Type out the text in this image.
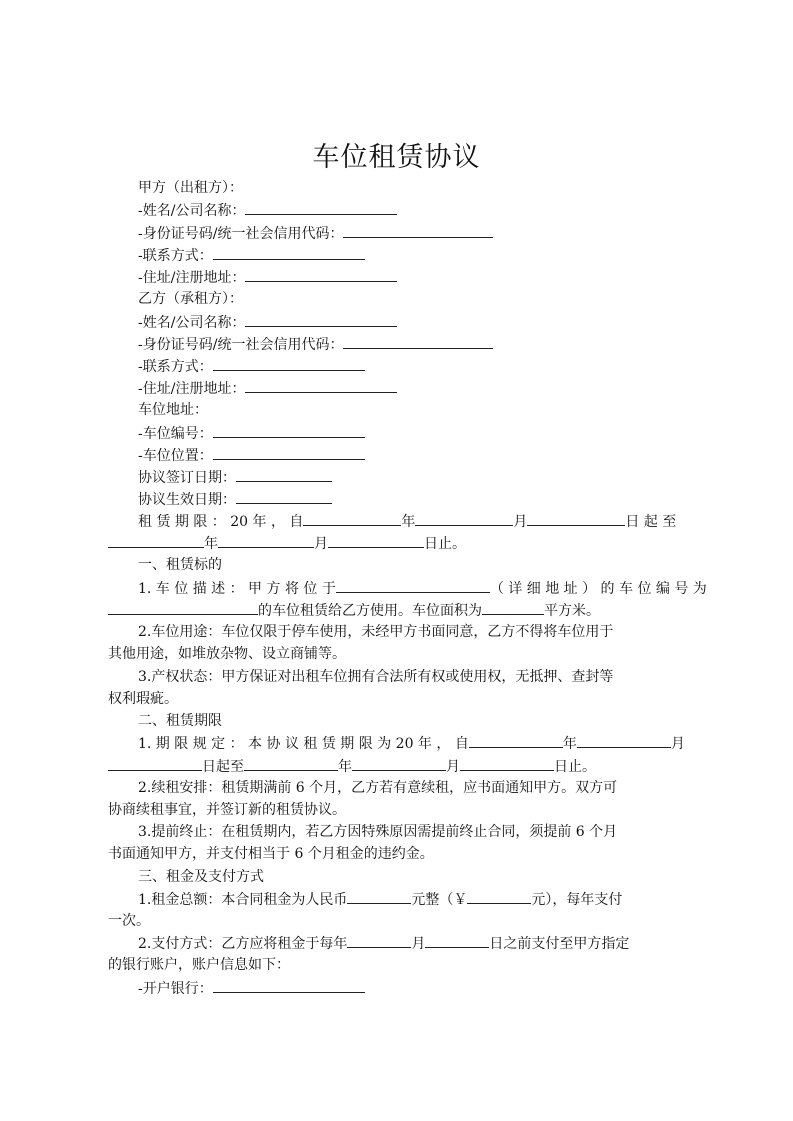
车位租赁协议
甲方（出租方）：
-姓名/公司名称：
-身份证号码/统一社会信用代码：
-联系方式：
-住址/注册地址：
乙方（承租方）：
-姓名/公司名称：
-身份证号码/统一社会信用代码：
-联系方式：
-住址/注册地址：
车位地址：
-车位编号：
-车位位置：
协议签订日期：
协议生效日期：
租 赁 期 限 ： 20 年 ， 自	年	月	日 起 至
年	月	日止。
一、租赁标的
1. 车 位 描 述 ： 甲 方 将 位 于	（ 详 细 地 址 ） 的 车 位 编 号 为
的车位租赁给乙方使用。车位面积为	平方米。
2.车位用途：车位仅限于停车使用，未经甲方书面同意，乙方不得将车位用于
其他用途，如堆放杂物、设立商铺等。
3.产权状态：甲方保证对出租车位拥有合法所有权或使用权，无抵押、查封等
权利瑕疵。
二、租赁期限
1. 期 限 规 定 ： 本 协 议 租 赁 期 限 为 20 年 ， 自	年	月
日起至	年	月	日止。
2.续租安排：租赁期满前 6 个月，乙方若有意续租，应书面通知甲方。双方可
协商续租事宜，并签订新的租赁协议。
3.提前终止：在租赁期内，若乙方因特殊原因需提前终止合同，须提前 6 个月
书面通知甲方，并支付相当于 6 个月租金的违约金。
三、租金及支付方式
1.租金总额：本合同租金为人民币	元整（￥	元），每年支付
一次。
2.支付方式：乙方应将租金于每年	月	日之前支付至甲方指定
的银行账户，账户信息如下：
-开户银行：
